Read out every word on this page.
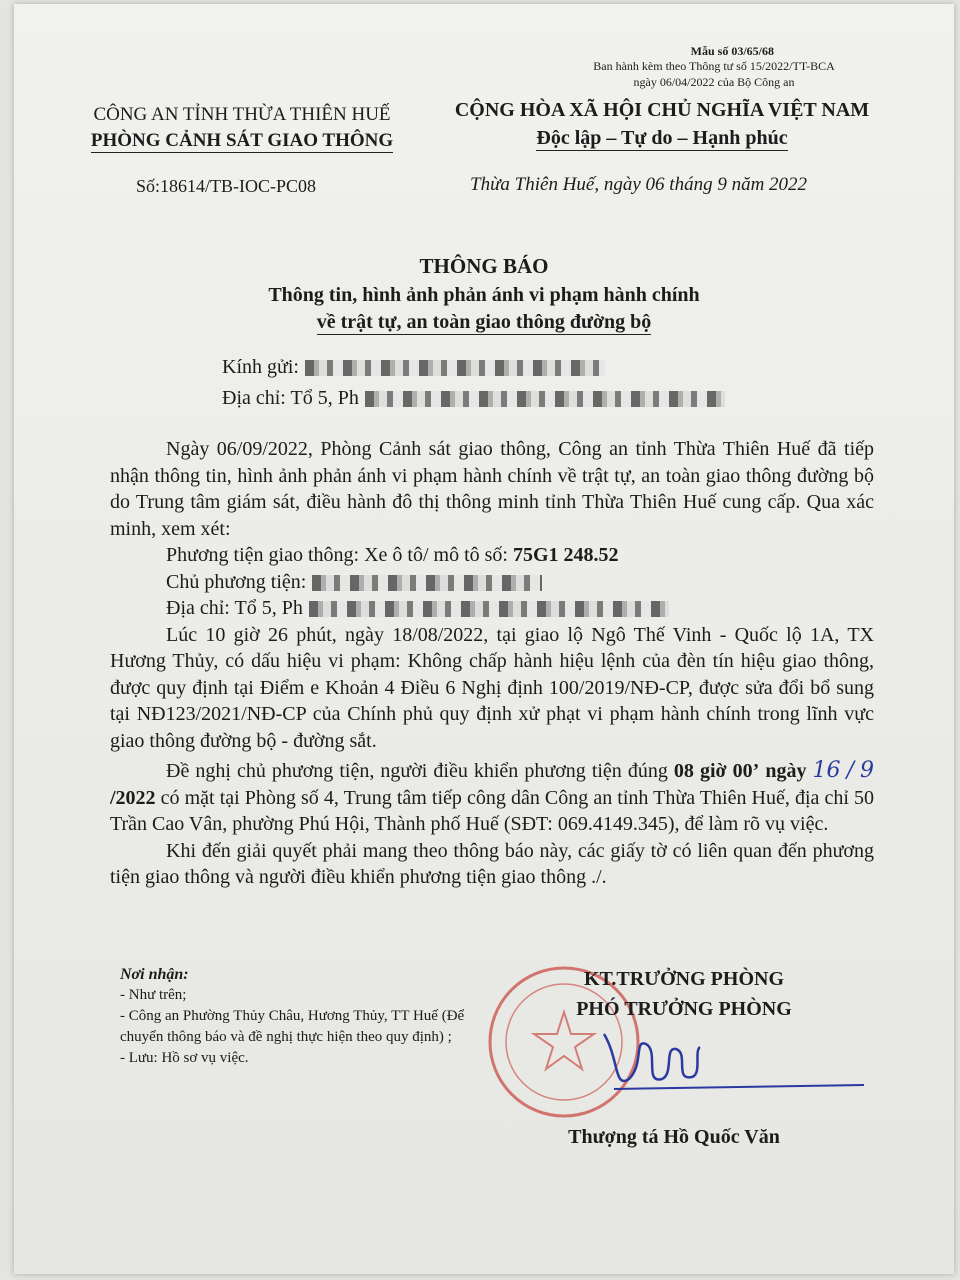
Mẫu số 03/65/68
Ban hành kèm theo Thông tư số 15/2022/TT-BCA
ngày 06/04/2022 của Bộ Công an
CÔNG AN TỈNH THỪA THIÊN HUẾ
PHÒNG CẢNH SÁT GIAO THÔNG
CỘNG HÒA XÃ HỘI CHỦ NGHĨA VIỆT NAM
Độc lập – Tự do – Hạnh phúc
Số:18614/TB-IOC-PC08	Thừa Thiên Huế, ngày 06 tháng 9 năm 2022
THÔNG BÁO
Thông tin, hình ảnh phản ánh vi phạm hành chính
về trật tự, an toàn giao thông đường bộ
Kính gửi:
Địa chỉ: Tổ 5, Ph

Ngày 06/09/2022, Phòng Cảnh sát giao thông, Công an tỉnh Thừa Thiên Huế đã tiếp nhận thông tin, hình ảnh phản ánh vi phạm hành chính về trật tự, an toàn giao thông đường bộ do Trung tâm giám sát, điều hành đô thị thông minh tỉnh Thừa Thiên Huế cung cấp. Qua xác minh, xem xét:

Phương tiện giao thông: Xe ô tô/ mô tô số: 75G1 248.52

Chủ phương tiện:

Địa chỉ: Tổ 5, Ph

Lúc 10 giờ 26 phút, ngày 18/08/2022, tại giao lộ Ngô Thế Vinh - Quốc lộ 1A, TX Hương Thủy, có dấu hiệu vi phạm: Không chấp hành hiệu lệnh của đèn tín hiệu giao thông, được quy định tại Điểm e Khoản 4 Điều 6 Nghị định 100/2019/NĐ-CP, được sửa đổi bổ sung tại NĐ123/2021/NĐ-CP của Chính phủ quy định xử phạt vi phạm hành chính trong lĩnh vực giao thông đường bộ - đường sắt.

Đề nghị chủ phương tiện, người điều khiển phương tiện đúng 08 giờ 00’ ngày 16 / 9 /2022 có mặt tại Phòng số 4, Trung tâm tiếp công dân Công an tỉnh Thừa Thiên Huế, địa chỉ 50 Trần Cao Vân, phường Phú Hội, Thành phố Huế (SĐT: 069.4149.345), để làm rõ vụ việc.

Khi đến giải quyết phải mang theo thông báo này, các giấy tờ có liên quan đến phương tiện giao thông và người điều khiển phương tiện giao thông ./.

Nơi nhận:
- Như trên;
- Công an Phường Thủy Châu, Hương Thủy, TT Huế (Để chuyển thông báo và đề nghị thực hiện theo quy định) ;
- Lưu: Hồ sơ vụ việc.
KT.TRƯỞNG PHÒNG
PHÓ TRƯỞNG PHÒNG
Thượng tá Hồ Quốc Văn
